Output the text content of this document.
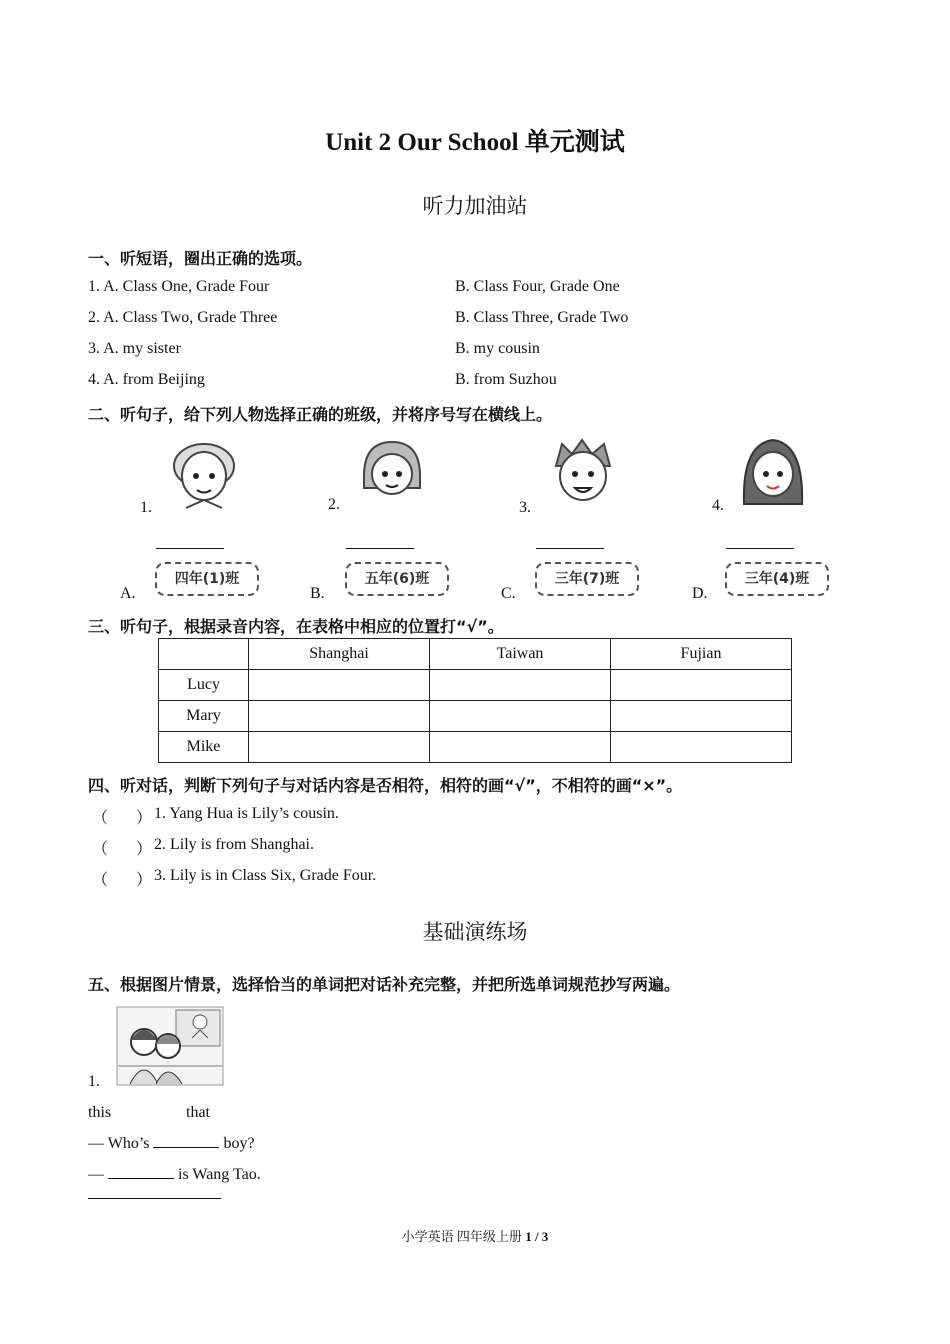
Unit 2 Our School 单元测试
听力加油站
一、听短语，圈出正确的选项。
1. A. Class One, Grade Four	B. Class Four, Grade One
2. A. Class Two, Grade Three	B. Class Three, Grade Two
3. A. my sister	B. my cousin
4. A. from Beijing	B. from Suzhou
二、听句子，给下列人物选择正确的班级，并将序号写在横线上。
1.	2.	3.	4.
A.
四年(1)班
B.
五年(6)班
C.
三年(7)班
D.
三年(4)班
三、听句子，根据录音内容，在表格中相应的位置打“√”。
	Shanghai	Taiwan	Fujian
Lucy			
Mary			
Mike			
四、听对话，判断下列句子与对话内容是否相符，相符的画“√”，不相符的画“×”。
（ ） 1. Yang Hua is Lily’s cousin.
（ ） 2. Lily is from Shanghai.
（ ） 3. Lily is in Class Six, Grade Four.
基础演练场
五、根据图片情景，选择恰当的单词把对话补充完整，并把所选单词规范抄写两遍。
1.
this	that
— Who’s	boy?
—	is Wang Tao.
小学英语 四年级上册 1 / 3
